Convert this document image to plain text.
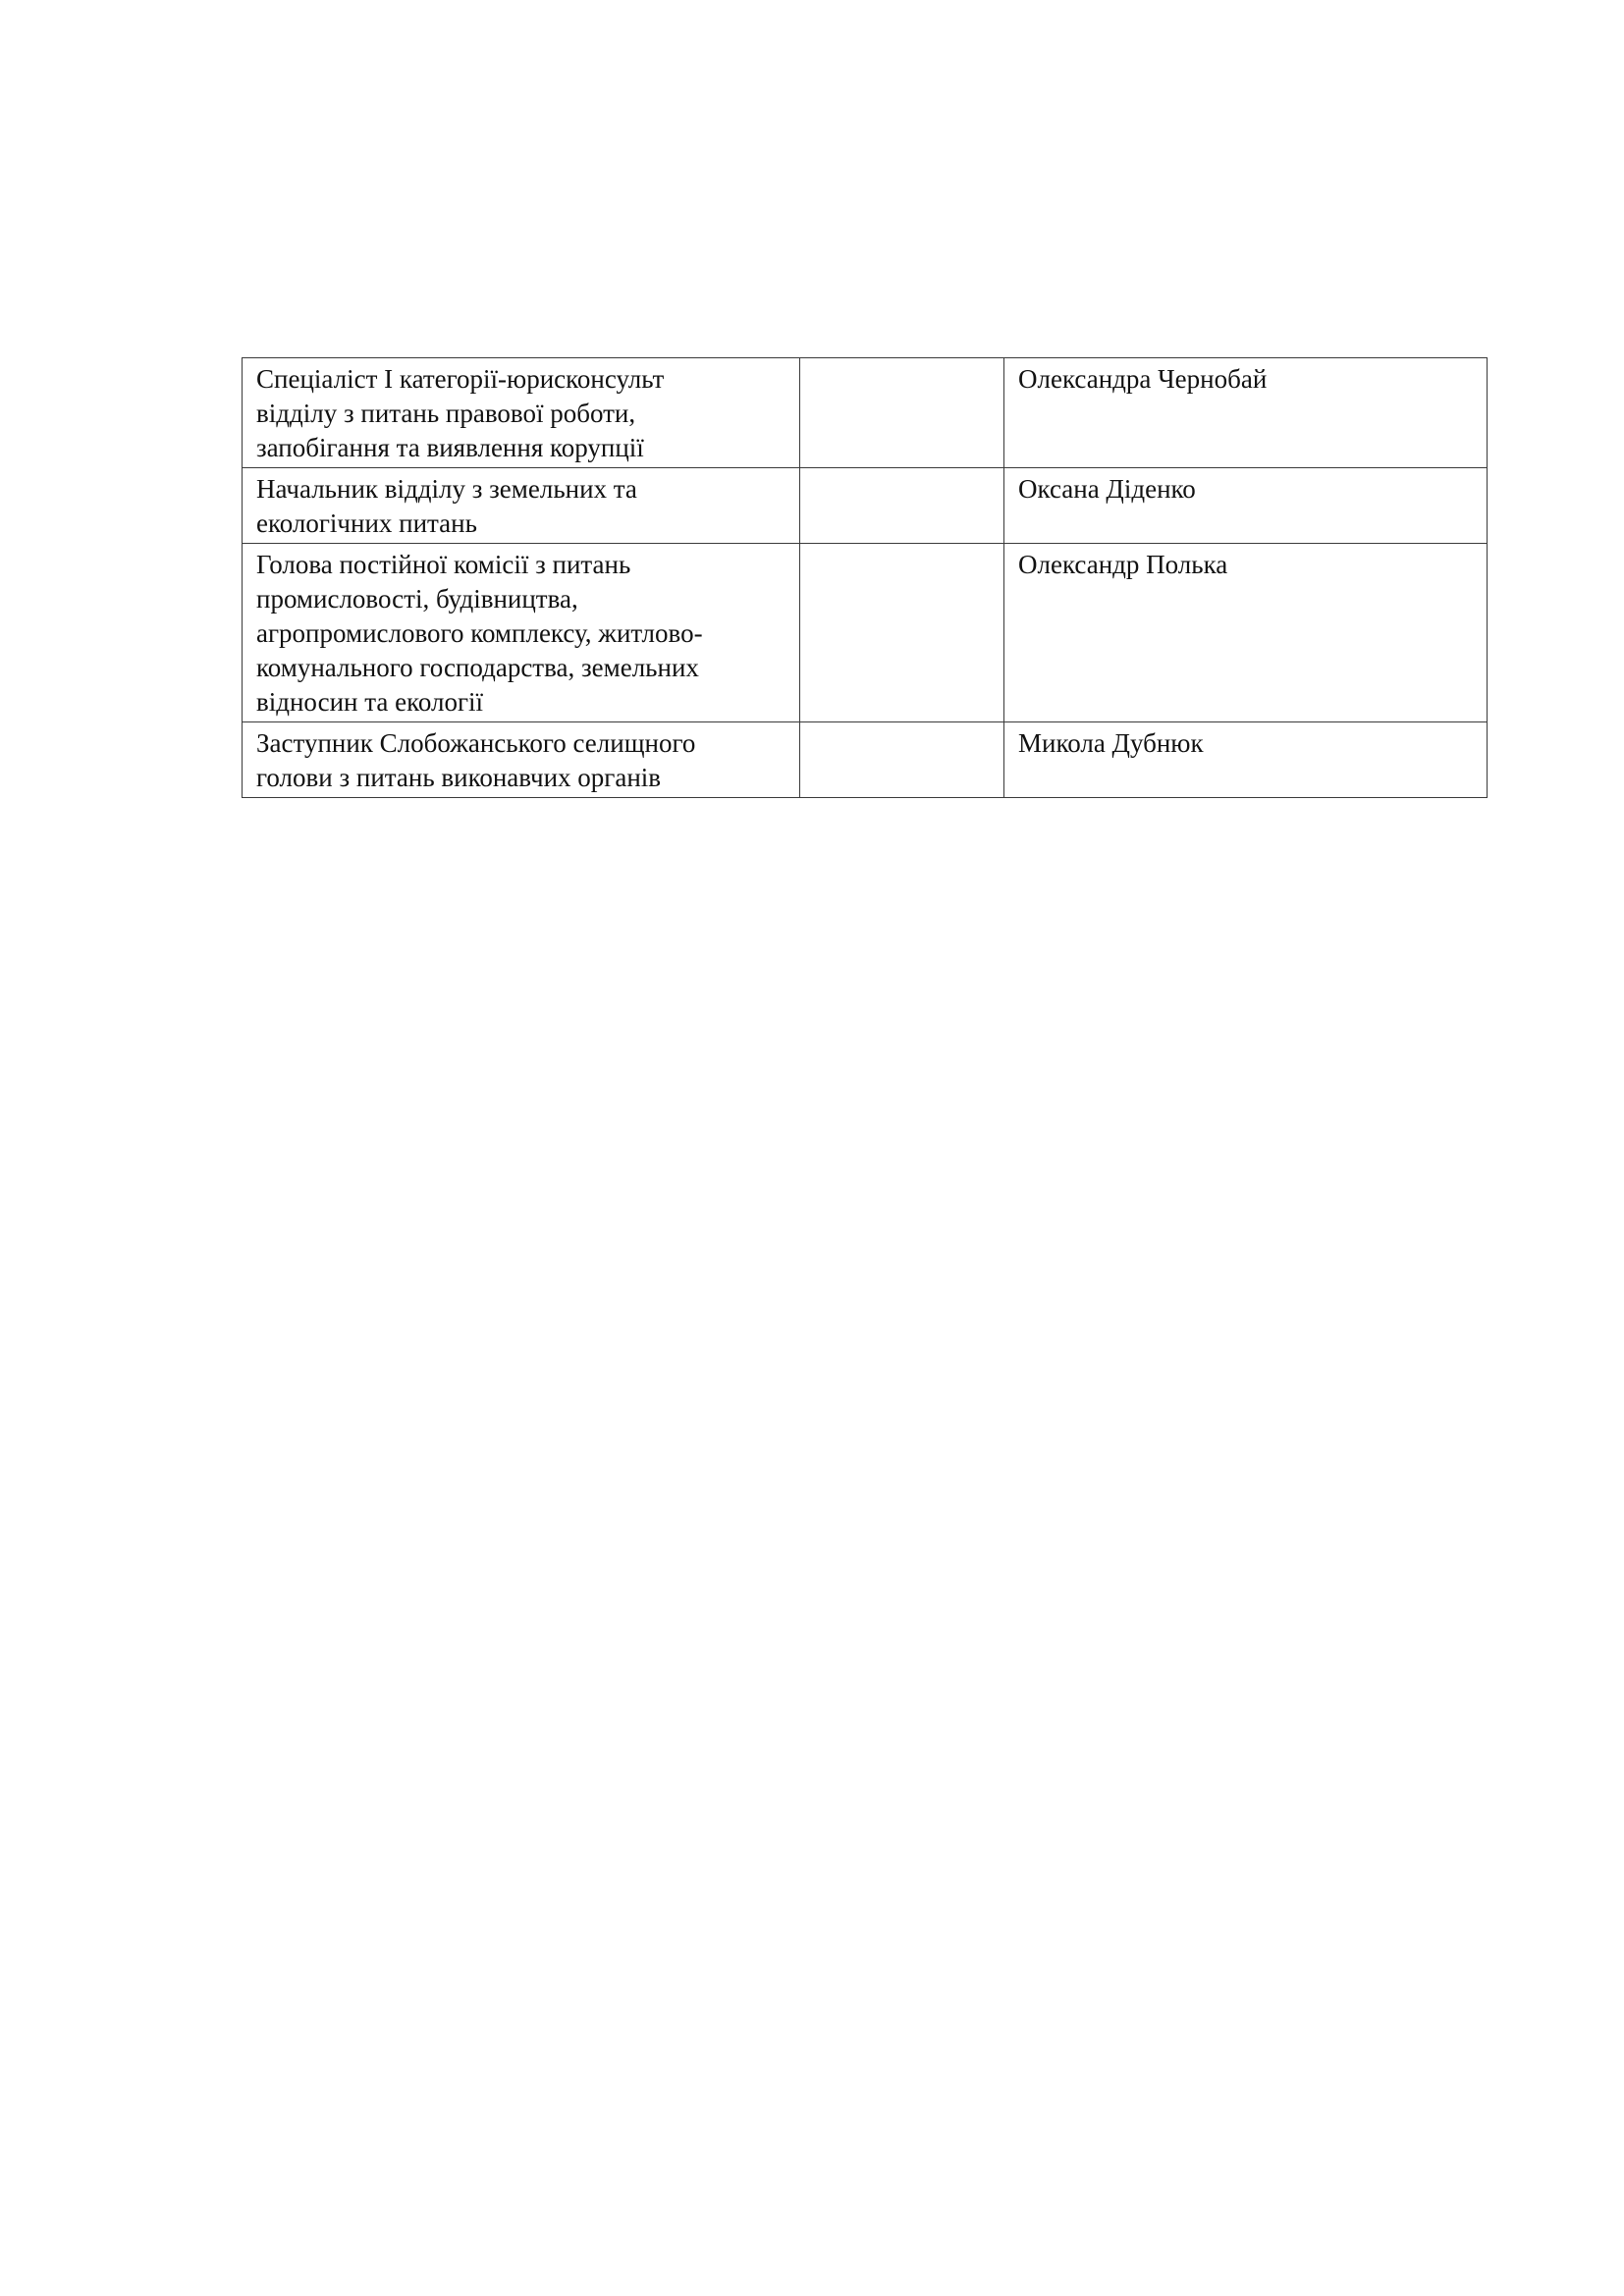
Спеціаліст I категорії-юрисконсульт
відділу з питань правової роботи,
запобігання та виявлення корупції		Олександра Чернобай

Начальник відділу з земельних та
екологічних питань		Оксана Діденко

Голова постійної комісії з питань
промисловості, будівництва,
агропромислового комплексу, житлово-
комунального господарства, земельних
відносин та екології		Олександр Полька

Заступник Слобожанського селищного
голови з питань виконавчих органів		Микола Дубнюк
